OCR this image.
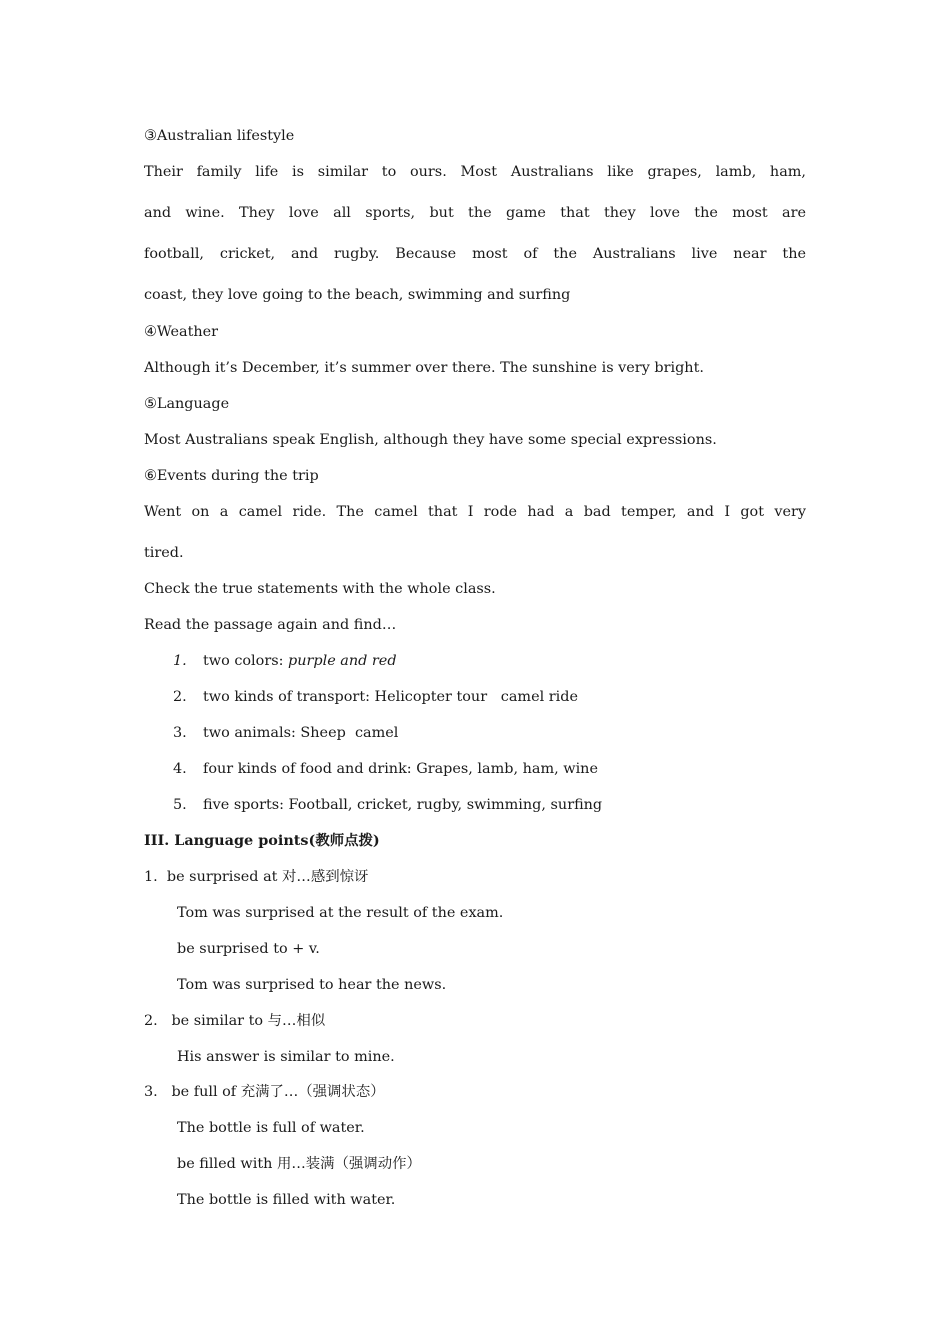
③Australian lifestyle
Their family life is similar to ours. Most Australians like grapes, lamb, ham,
and wine. They love all sports, but the game that they love the most are
football, cricket, and rugby. Because most of the Australians live near the
coast, they love going to the beach, swimming and surfing
④Weather
Although it’s December, it’s summer over there. The sunshine is very bright.
⑤Language
Most Australians speak English, although they have some special expressions.
⑥Events during the trip
Went on a camel ride. The camel that I rode had a bad temper, and I got very
tired.
Check the true statements with the whole class.
Read the passage again and find…
1. two colors: purple and red
2. two kinds of transport: Helicopter tour   camel ride
3. two animals: Sheep  camel
4. four kinds of food and drink: Grapes, lamb, ham, wine
5. five sports: Football, cricket, rugby, swimming, surfing
III. Language points(教师点拨)
1.  be surprised at 对…感到惊讶
Tom was surprised at the result of the exam.
be surprised to + v.
Tom was surprised to hear the news.
2.   be similar to 与…相似
His answer is similar to mine.
3.   be full of 充满了…（强调状态）
The bottle is full of water.
be filled with 用…装满（强调动作）
The bottle is filled with water.
